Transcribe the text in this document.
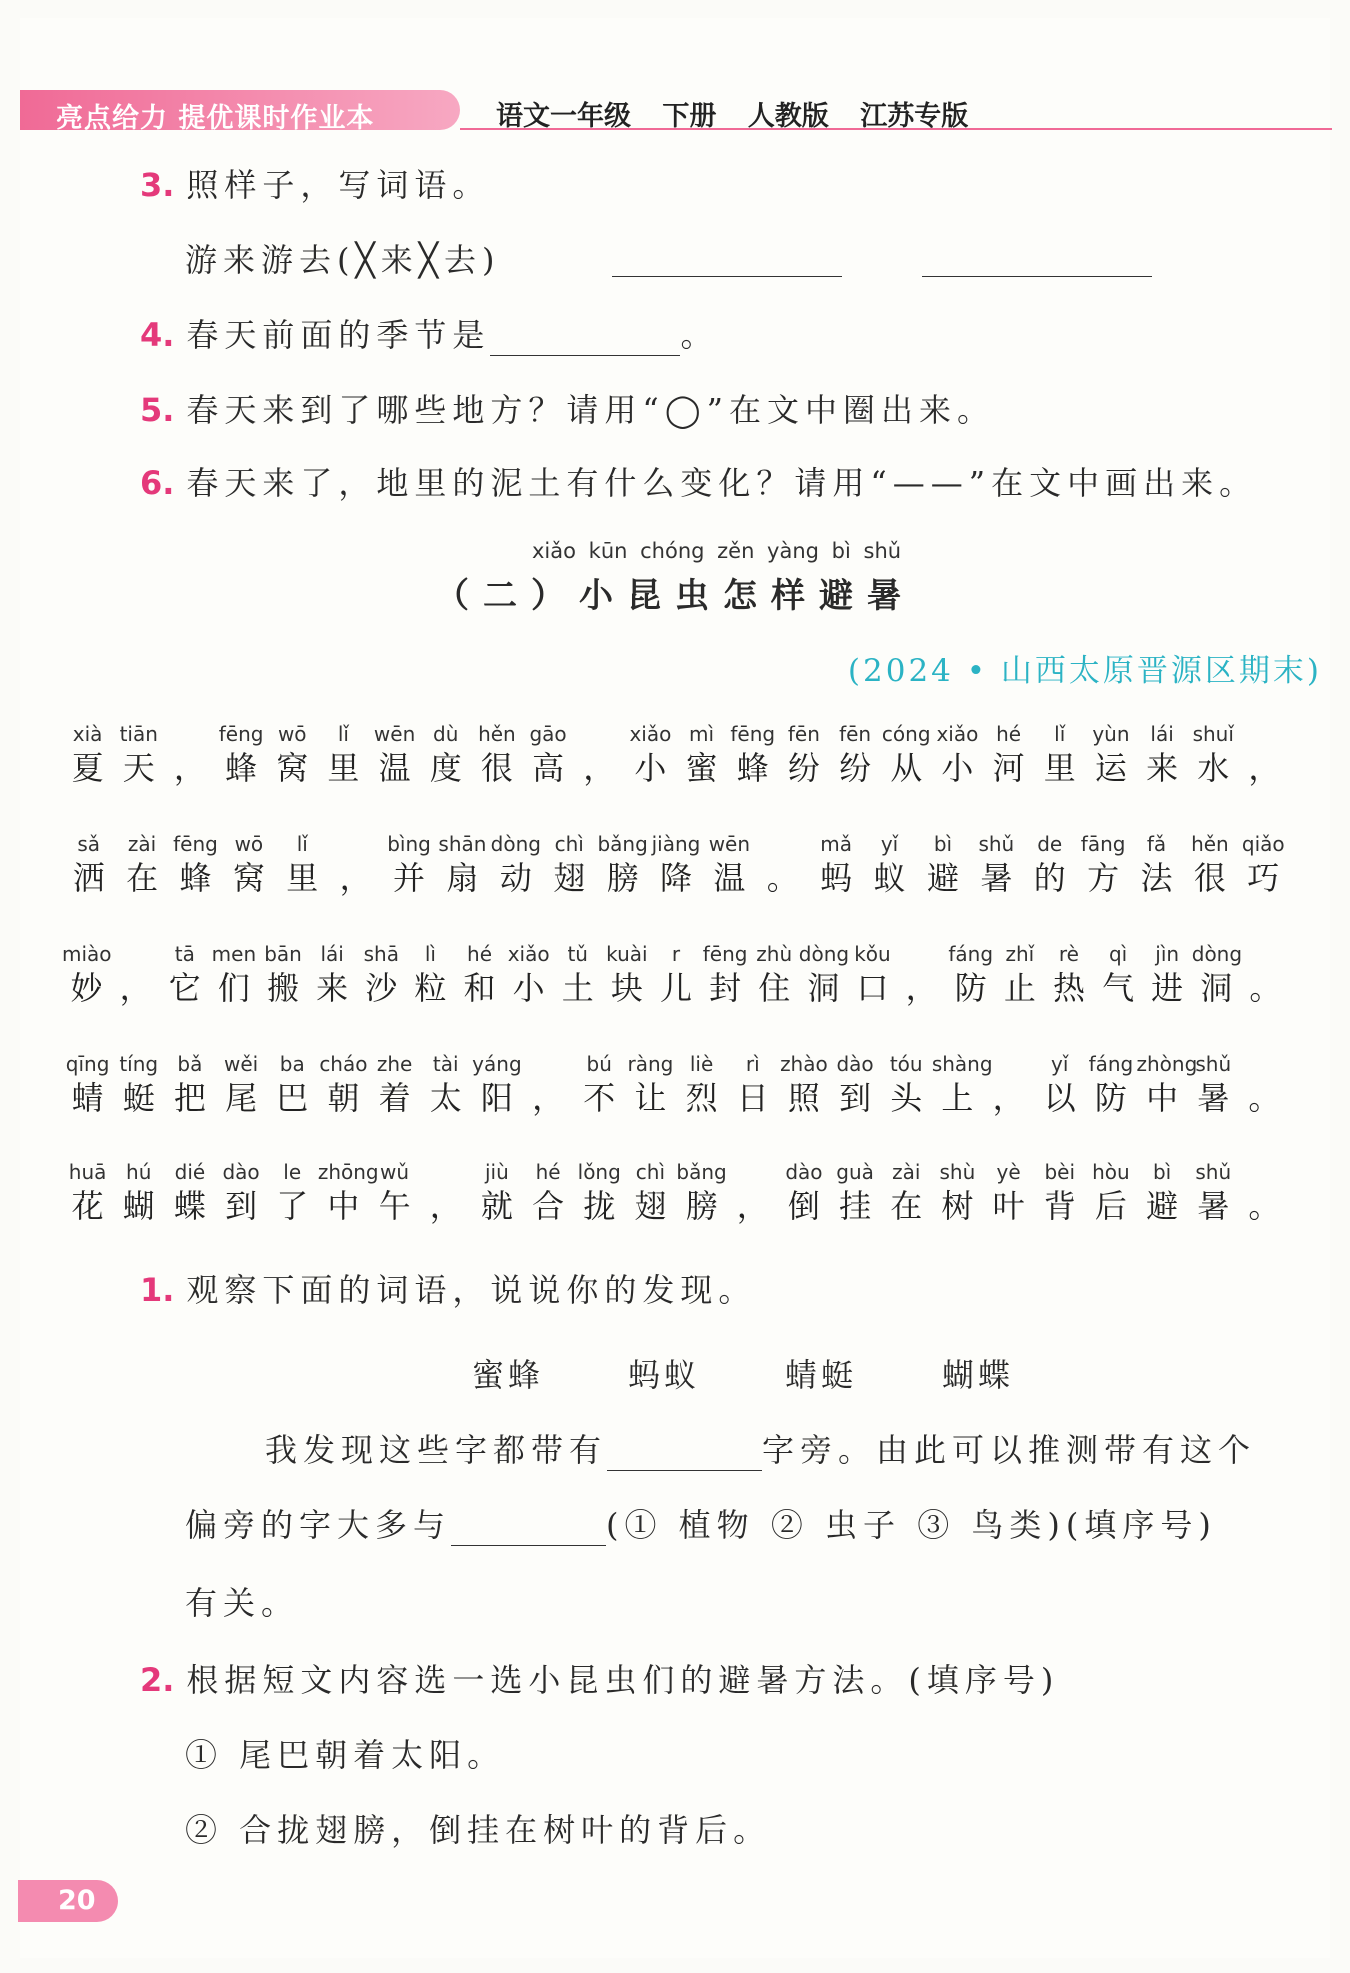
亮点给力 提优课时作业本	语文一年级 下册 人教版 江苏专版
3. 照样子，写词语。
游来游去(╳来╳去)
4. 春天前面的季节是	。
5. 春天来到了哪些地方？请用“◯”在文中圈出来。
6. 春天来了，地里的泥土有什么变化？请用“——”在文中画出来。
xiǎo kūn chóng zěn yàng bì shǔ
（二）小昆虫怎样避暑
(2024 • 山西太原晋源区期末)
xià
夏
tiān
天 ，
fēng
蜂
wō
窝
lǐ
里
wēn
温
dù
度
hěn
很
gāo
高 ，
xiǎo
小
mì
蜜
fēng
蜂
fēn
纷
fēn
纷
cóng
从
xiǎo
小
hé
河
lǐ
里
yùn
运
lái
来
shuǐ
水 ，
sǎ
洒
zài
在
fēng
蜂
wō
窝
lǐ
里 ，
bìng
并
shān
扇
dòng
动
chì
翅
bǎng
膀
jiàng
降
wēn
温 。
mǎ
蚂
yǐ
蚁
bì
避
shǔ
暑
de
的
fāng
方
fǎ
法
hěn
很
qiǎo
巧
miào
妙 ，
tā
它
men
们
bān
搬
lái
来
shā
沙
lì
粒
hé
和
xiǎo
小
tǔ
土
kuài
块
r
儿
fēng
封
zhù
住
dòng
洞
kǒu
口 ，
fáng
防
zhǐ
止
rè
热
qì
气
jìn
进
dòng
洞 。
qīng
蜻
tíng
蜓
bǎ
把
wěi
尾
ba
巴
cháo
朝
zhe
着
tài
太
yáng
阳 ，
bú
不
ràng
让
liè
烈
rì
日
zhào
照
dào
到
tóu
头
shàng
上 ，
yǐ
以
fáng
防
zhòng
中
shǔ
暑 。
huā
花
hú
蝴
dié
蝶
dào
到
le
了
zhōng
中
wǔ
午 ，
jiù
就
hé
合
lǒng
拢
chì
翅
bǎng
膀 ，
dào
倒
guà
挂
zài
在
shù
树
yè
叶
bèi
背
hòu
后
bì
避
shǔ
暑 。
1. 观察下面的词语，说说你的发现。
蜜蜂	蚂蚁	蜻蜓	蝴蝶
我发现这些字都带有	字旁。由此可以推测带有这个
偏旁的字大多与	(① 植物 ② 虫子 ③ 鸟类)(填序号)
有关。
2. 根据短文内容选一选小昆虫们的避暑方法。(填序号)
① 尾巴朝着太阳。
② 合拢翅膀，倒挂在树叶的背后。
20
